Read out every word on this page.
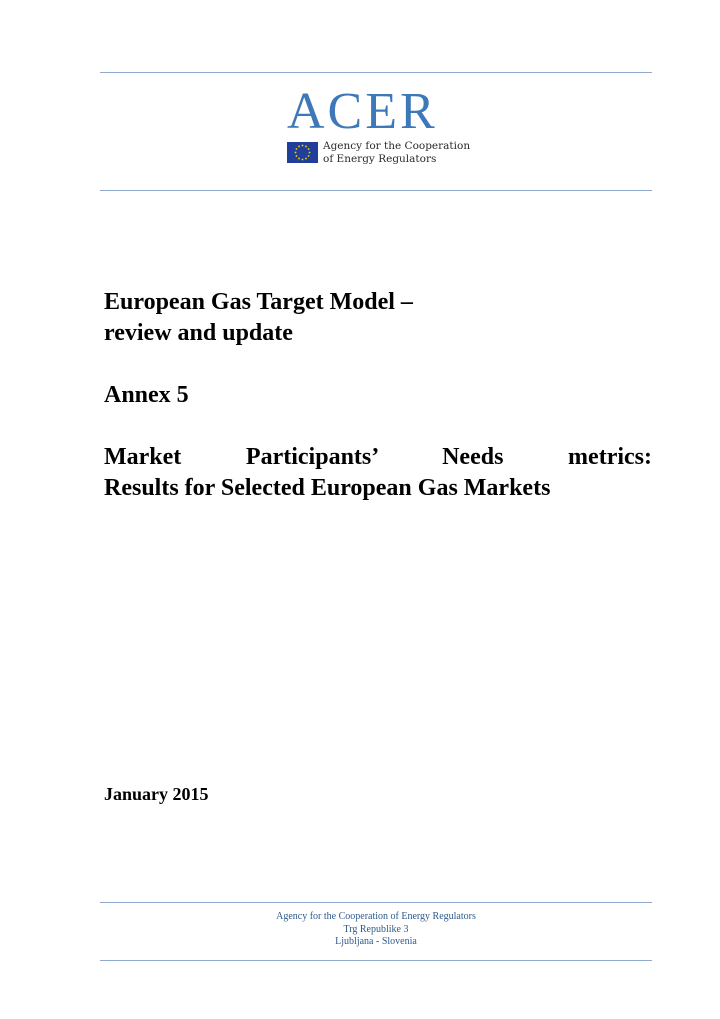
ACER
Agency for the Cooperation
of Energy Regulators

European Gas Target Model –

review and update

Annex 5

Market Participants’ Needs metrics:

Results for Selected European Gas Markets

January 2015
Agency for the Cooperation of Energy Regulators
Trg Republike 3
Ljubljana - Slovenia
